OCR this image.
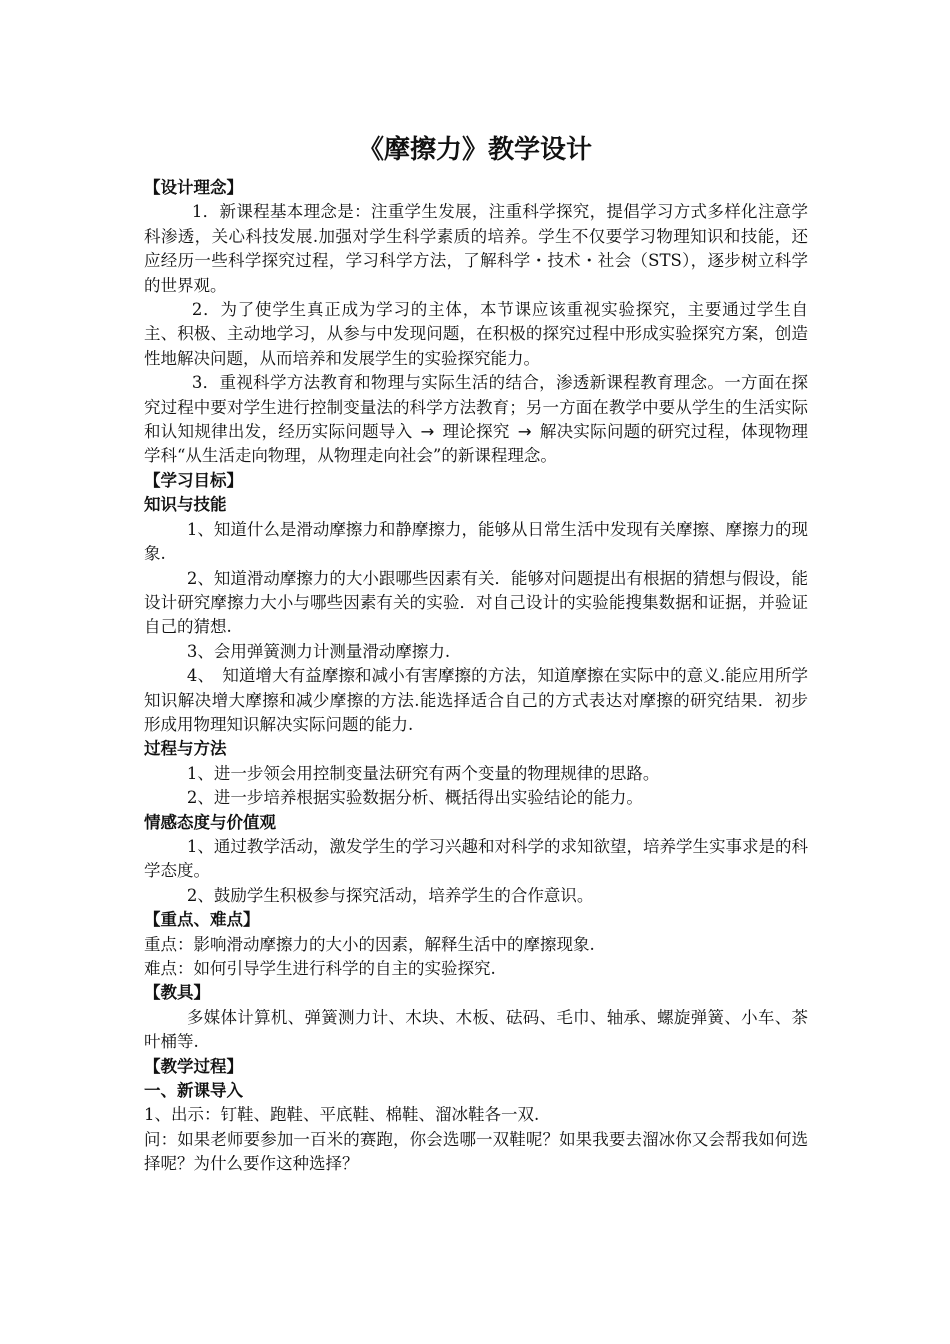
《摩擦力》教学设计

【设计理念】

1．新课程基本理念是：注重学生发展，注重科学探究，提倡学习方式多样化注意学科渗透，关心科技发展.加强对学生科学素质的培养。学生不仅要学习物理知识和技能，还应经历一些科学探究过程，学习科学方法，了解科学・技术・社会（STS），逐步树立科学的世界观。

2．为了使学生真正成为学习的主体，本节课应该重视实验探究，主要通过学生自主、积极、主动地学习，从参与中发现问题，在积极的探究过程中形成实验探究方案，创造性地解决问题，从而培养和发展学生的实验探究能力。

3．重视科学方法教育和物理与实际生活的结合，渗透新课程教育理念。一方面在探究过程中要对学生进行控制变量法的科学方法教育；另一方面在教学中要从学生的生活实际和认知规律出发，经历实际问题导入 → 理论探究 → 解决实际问题的研究过程，体现物理学科“从生活走向物理，从物理走向社会”的新课程理念。

【学习目标】

知识与技能

1、知道什么是滑动摩擦力和静摩擦力，能够从日常生活中发现有关摩擦、摩擦力的现象.

2、知道滑动摩擦力的大小跟哪些因素有关．能够对问题提出有根据的猜想与假设，能设计研究摩擦力大小与哪些因素有关的实验．对自己设计的实验能搜集数据和证据，并验证自己的猜想.

3、会用弹簧测力计测量滑动摩擦力.

4、　知道增大有益摩擦和减小有害摩擦的方法，知道摩擦在实际中的意义.能应用所学知识解决增大摩擦和减少摩擦的方法.能选择适合自己的方式表达对摩擦的研究结果．初步形成用物理知识解决实际问题的能力.

过程与方法

1、进一步领会用控制变量法研究有两个变量的物理规律的思路。

2、进一步培养根据实验数据分析、概括得出实验结论的能力。

情感态度与价值观

1、通过教学活动，激发学生的学习兴趣和对科学的求知欲望，培养学生实事求是的科学态度。

2、鼓励学生积极参与探究活动，培养学生的合作意识。

【重点、难点】

重点：影响滑动摩擦力的大小的因素，解释生活中的摩擦现象.

难点：如何引导学生进行科学的自主的实验探究.

【教具】

多媒体计算机、弹簧测力计、木块、木板、砝码、毛巾、轴承、螺旋弹簧、小车、茶叶桶等.

【教学过程】

一、新课导入

1、出示：钉鞋、跑鞋、平底鞋、棉鞋、溜冰鞋各一双.

问：如果老师要参加一百米的赛跑，你会选哪一双鞋呢？如果我要去溜冰你又会帮我如何选择呢？为什么要作这种选择？
